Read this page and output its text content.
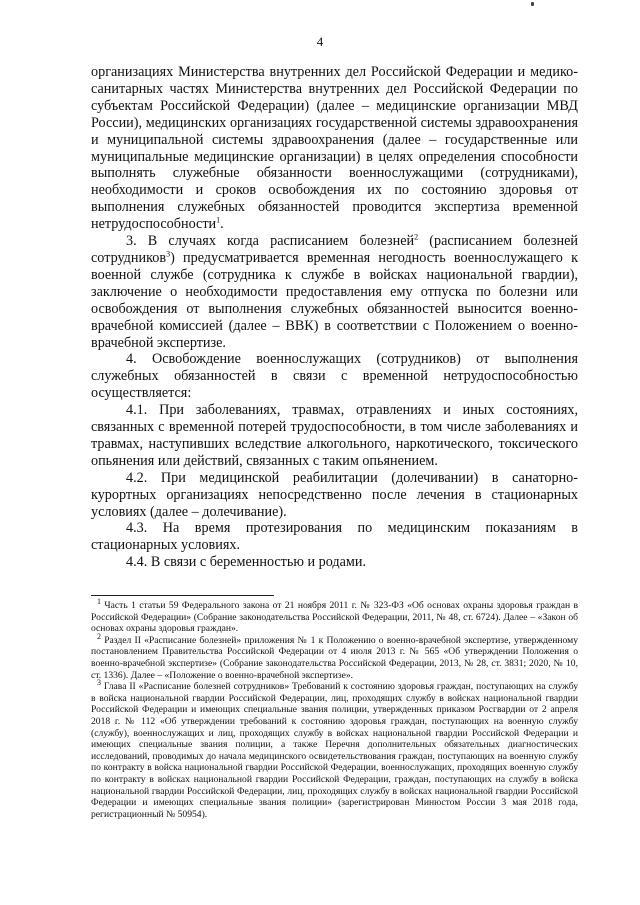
4

организациях Министерства внутренних дел Российской Федерации и медико-санитарных частях Министерства внутренних дел Российской Федерации по субъектам Российской Федерации) (далее – медицинские организации МВД России), медицинских организациях государственной системы здравоохранения и муниципальной системы здравоохранения (далее – государственные или муниципальные медицинские организации) в целях определения способности выполнять служебные обязанности военнослужащими (сотрудниками), необходимости и сроков освобождения их по состоянию здоровья от выполнения служебных обязанностей проводится экспертиза временной нетрудоспособности$^1$.

3. В случаях когда расписанием болезней$^2$ (расписанием болезней сотрудников$^3$) предусматривается временная негодность военнослужащего к военной службе (сотрудника к службе в войсках национальной гвардии), заключение о необходимости предоставления ему отпуска по болезни или освобождения от выполнения служебных обязанностей выносится военно-врачебной комиссией (далее – ВВК) в соответствии с Положением о военно-врачебной экспертизе.

4. Освобождение военнослужащих (сотрудников) от выполнения служебных обязанностей в связи с временной нетрудоспособностью осуществляется:

4.1. При заболеваниях, травмах, отравлениях и иных состояниях, связанных с временной потерей трудоспособности, в том числе заболеваниях и травмах, наступивших вследствие алкогольного, наркотического, токсического опьянения или действий, связанных с таким опьянением.

4.2. При медицинской реабилитации (долечивании) в санаторно-курортных организациях непосредственно после лечения в стационарных условиях (далее – долечивание).

4.3. На время протезирования по медицинским показаниям в стационарных условиях.

4.4. В связи с беременностью и родами.

$^1$ Часть 1 статьи 59 Федерального закона от 21 ноября 2011 г. № 323-ФЗ «Об основах охраны здоровья граждан в Российской Федерации» (Собрание законодательства Российской Федерации, 2011, № 48, ст. 6724). Далее – «Закон об основах охраны здоровья граждан».

$^2$ Раздел II «Расписание болезней» приложения № 1 к Положению о военно-врачебной экспертизе, утвержденному постановлением Правительства Российской Федерации от 4 июля 2013 г. № 565 «Об утверждении Положения о военно-врачебной экспертизе» (Собрание законодательства Российской Федерации, 2013, № 28, ст. 3831; 2020, № 10, ст. 1336). Далее – «Положение о военно-врачебной экспертизе».

$^3$ Глава II «Расписание болезней сотрудников» Требований к состоянию здоровья граждан, поступающих на службу в войска национальной гвардии Российской Федерации, лиц, проходящих службу в войсках национальной гвардии Российской Федерации и имеющих специальные звания полиции, утвержденных приказом Росгвардии от 2 апреля 2018 г. № 112 «Об утверждении требований к состоянию здоровья граждан, поступающих на военную службу (службу), военнослужащих и лиц, проходящих службу в войсках национальной гвардии Российской Федерации и имеющих специальные звания полиции, а также Перечня дополнительных обязательных диагностических исследований, проводимых до начала медицинского освидетельствования граждан, поступающих на военную службу по контракту в войска национальной гвардии Российской Федерации, военнослужащих, проходящих военную службу по контракту в войсках национальной гвардии Российской Федерации, граждан, поступающих на службу в войска национальной гвардии Российской Федерации, лиц, проходящих службу в войсках национальной гвардии Российской Федерации и имеющих специальные звания полиции» (зарегистрирован Минюстом России 3 мая 2018 года, регистрационный № 50954).
